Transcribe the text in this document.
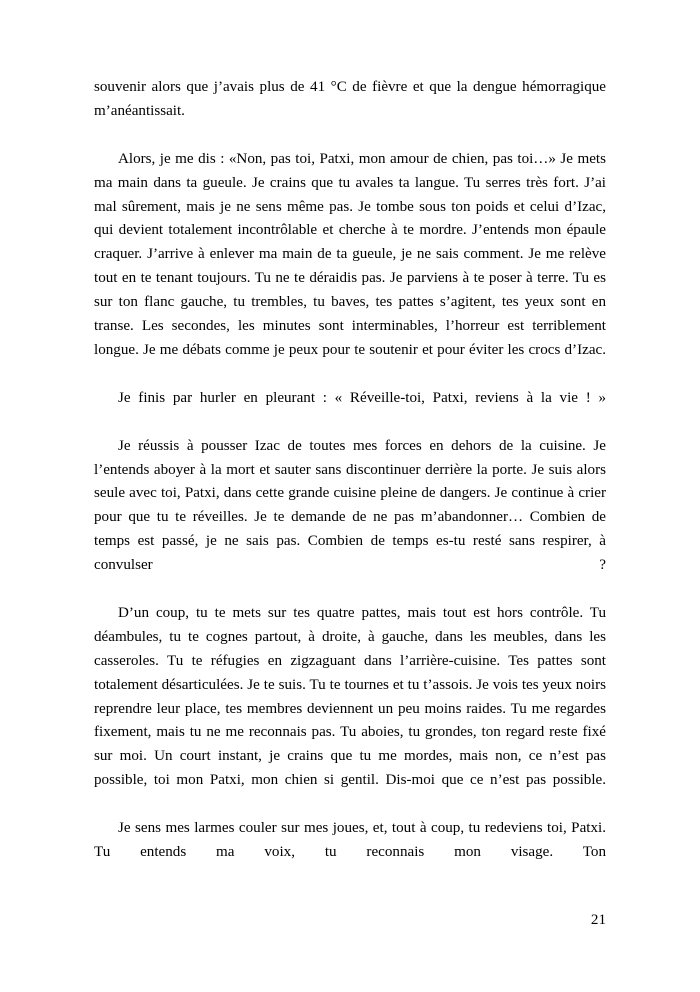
souvenir alors que j’avais plus de 41 °C de fièvre et que la dengue hémorragique m’anéantissait.

Alors, je me dis : «Non, pas toi, Patxi, mon amour de chien, pas toi…» Je mets ma main dans ta gueule. Je crains que tu avales ta langue. Tu serres très fort. J’ai mal sûrement, mais je ne sens même pas. Je tombe sous ton poids et celui d’Izac, qui devient totalement incontrôlable et cherche à te mordre. J’entends mon épaule craquer. J’arrive à enlever ma main de ta gueule, je ne sais comment. Je me relève tout en te tenant toujours. Tu ne te déraidis pas. Je parviens à te poser à terre. Tu es sur ton flanc gauche, tu trembles, tu baves, tes pattes s’agitent, tes yeux sont en transe. Les secondes, les minutes sont interminables, l’horreur est terriblement longue. Je me débats comme je peux pour te soutenir et pour éviter les crocs d’Izac.

Je finis par hurler en pleurant : « Réveille-toi, Patxi, reviens à la vie ! »

Je réussis à pousser Izac de toutes mes forces en dehors de la cuisine. Je l’entends aboyer à la mort et sauter sans discontinuer derrière la porte. Je suis alors seule avec toi, Patxi, dans cette grande cuisine pleine de dangers. Je continue à crier pour que tu te réveilles. Je te demande de ne pas m’abandonner… Combien de temps est passé, je ne sais pas. Combien de temps es-tu resté sans respirer, à convulser ?

D’un coup, tu te mets sur tes quatre pattes, mais tout est hors contrôle. Tu déambules, tu te cognes partout, à droite, à gauche, dans les meubles, dans les casseroles. Tu te réfugies en zigzaguant dans l’arrière-cuisine. Tes pattes sont totalement désarticulées. Je te suis. Tu te tournes et tu t’assois. Je vois tes yeux noirs reprendre leur place, tes membres deviennent un peu moins raides. Tu me regardes fixement, mais tu ne me reconnais pas. Tu aboies, tu grondes, ton regard reste fixé sur moi. Un court instant, je crains que tu me mordes, mais non, ce n’est pas possible, toi mon Patxi, mon chien si gentil. Dis-moi que ce n’est pas possible.

Je sens mes larmes couler sur mes joues, et, tout à coup, tu redeviens toi, Patxi. Tu entends ma voix, tu reconnais mon visage. Ton

21
